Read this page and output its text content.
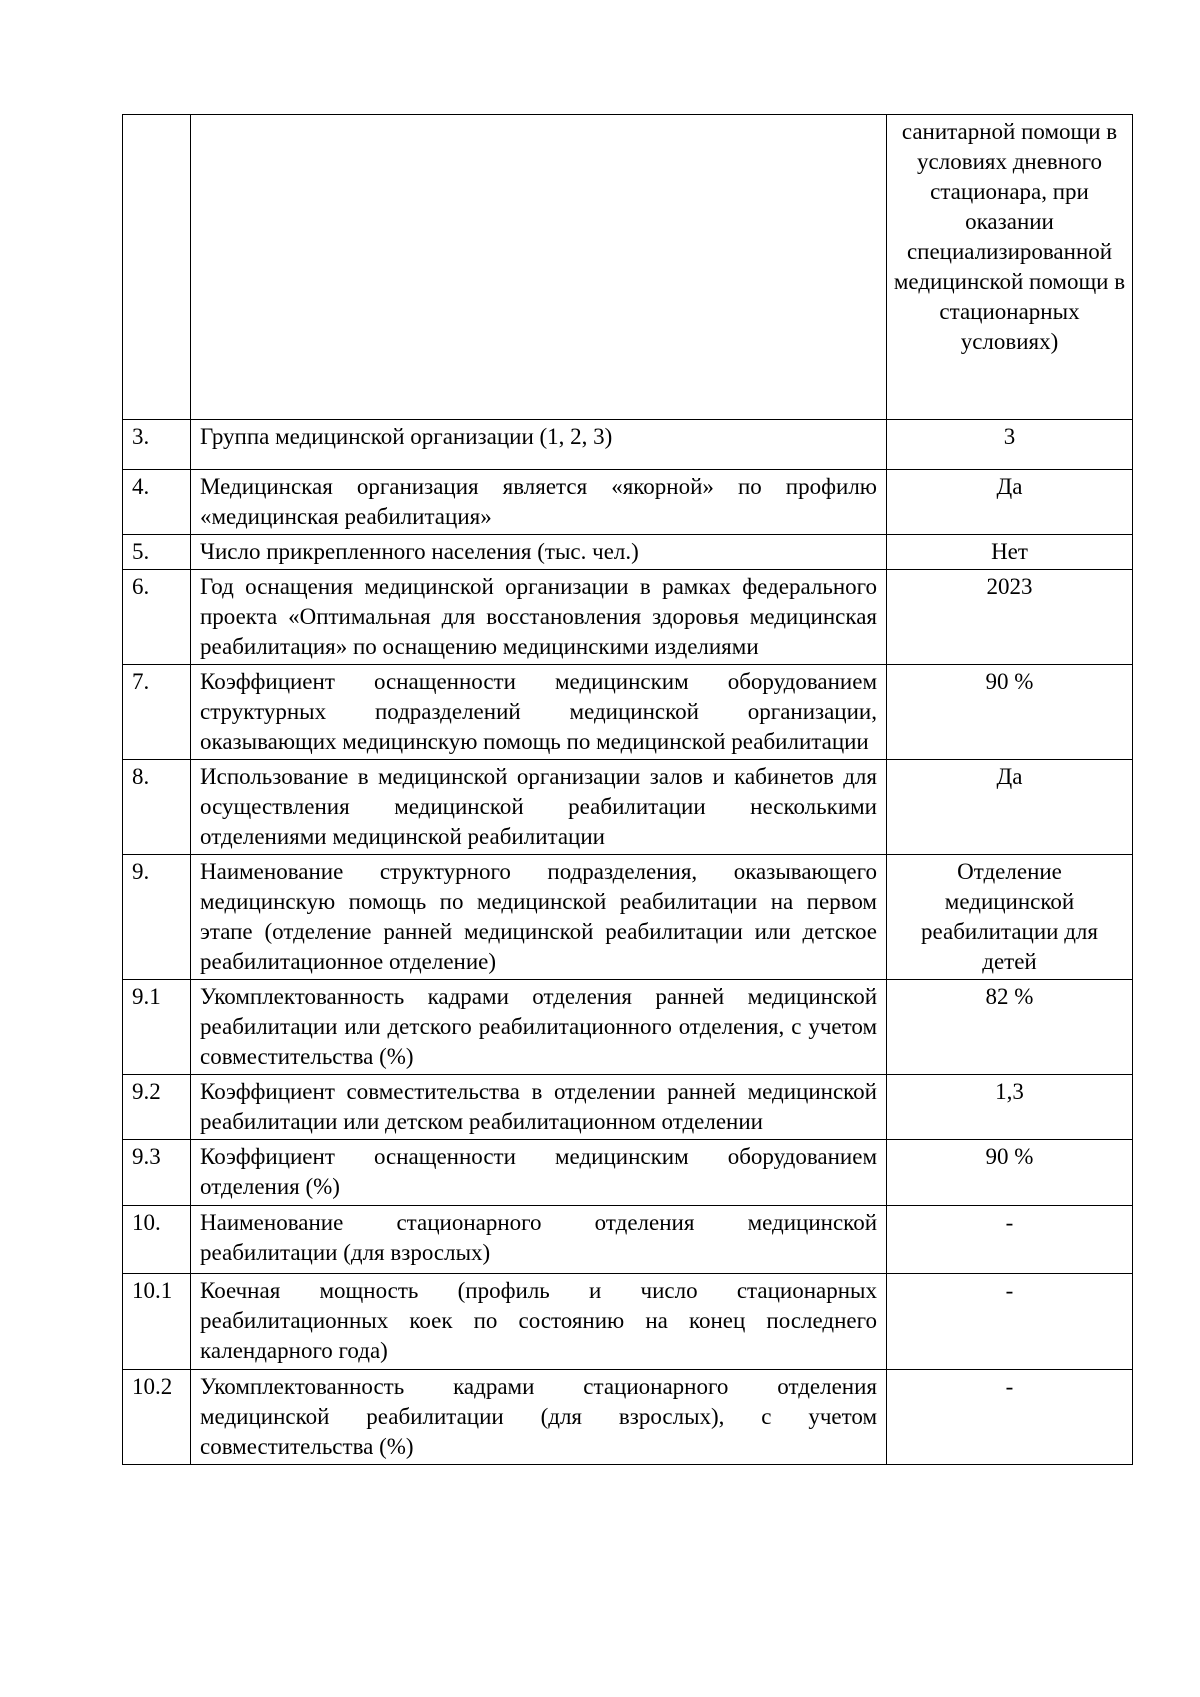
		санитарной помощи в условиях дневного стационара, при оказании специализированной медицинской помощи в стационарных условиях)
3.	Группа медицинской организации (1, 2, 3)	3
4.	Медицинская организация является «якорной» по профилю «медицинская реабилитация»	Да
5.	Число прикрепленного населения (тыс. чел.)	Нет
6.	Год оснащения медицинской организации в рамках федерального проекта «Оптимальная для восстановления здоровья медицинская реабилитация» по оснащению медицинскими изделиями	2023
7.	Коэффициент оснащенности медицинским оборудованием структурных подразделений медицинской организации, оказывающих медицинскую помощь по медицинской реабилитации	90 %
8.	Использование в медицинской организации залов и кабинетов для осуществления медицинской реабилитации несколькими отделениями медицинской реабилитации	Да
9.	Наименование структурного подразделения, оказывающего медицинскую помощь по медицинской реабилитации на первом этапе (отделение ранней медицинской реабилитации или детское реабилитационное отделение)	Отделение медицинской реабилитации для детей
9.1	Укомплектованность кадрами отделения ранней медицинской реабилитации или детского реабилитационного отделения, с учетом совместительства (%)	82 %
9.2	Коэффициент совместительства в отделении ранней медицинской реабилитации или детском реабилитационном отделении	1,3
9.3	Коэффициент оснащенности медицинским оборудованием отделения (%)	90 %
10.	Наименование стационарного отделения медицинской реабилитации (для взрослых)	-
10.1	Коечная мощность (профиль и число стационарных реабилитационных коек по состоянию на конец последнего календарного года)	-
10.2	Укомплектованность кадрами стационарного отделения медицинской реабилитации (для взрослых), с учетом совместительства (%)	-
